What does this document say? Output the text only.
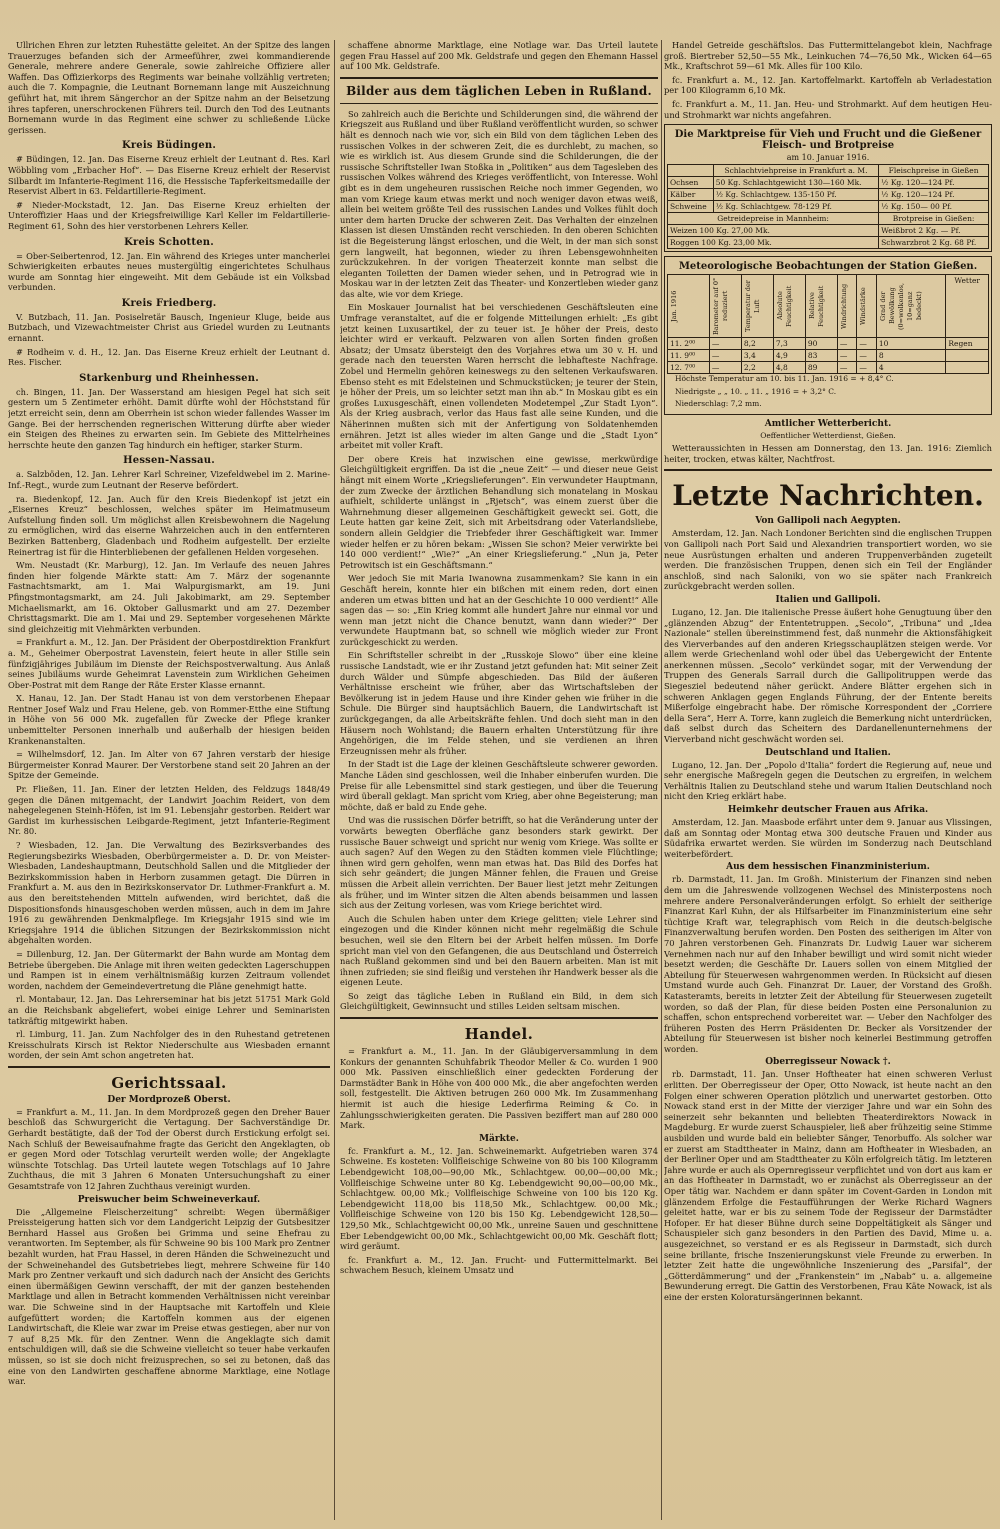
Ullrichen Ehren zur letzten Ruhestätte geleitet. An der Spitze des langen Trauerzuges befanden sich der Armeeführer, zwei kommandierende Generale, mehrere andere Generale, sowie zahlreiche Offiziere aller Waffen. Das Offizierkorps des Regiments war beinahe vollzählig vertreten; auch die 7. Kompagnie, die Leutnant Bornemann lange mit Auszeichnung geführt hat, mit ihrem Sängerchor an der Spitze nahm an der Beisetzung ihres tapferen, unerschrockenen Führers teil. Durch den Tod des Leutnants Bornemann wurde in das Regiment eine schwer zu schließende Lücke gerissen.

Kreis Büdingen.

# Büdingen, 12. Jan. Das Eiserne Kreuz erhielt der Leutnant d. Res. Karl Wöbbling vom „Erbacher Hof“. — Das Eiserne Kreuz erhielt der Reservist Silbardt im Infanterie-Regiment 116, die Hessische Tapferkeitsmedaille der Reservist Albert in 63. Feldartillerie-Regiment.

# Nieder-Mockstadt, 12. Jan. Das Eiserne Kreuz erhielten der Unteroffizier Haas und der Kriegsfreiwillige Karl Keller im Feldartillerie-Regiment 61, Sohn des hier verstorbenen Lehrers Keller.

Kreis Schotten.

= Ober-Seibertenrod, 12. Jan. Ein während des Krieges unter mancherlei Schwierigkeiten erbautes neues mustergültig eingerichtetes Schulhaus wurde am Sonntag hier eingeweiht. Mit dem Gebäude ist ein Volksbad verbunden.

Kreis Friedberg.

V. Butzbach, 11. Jan. Posiselretär Bausch, Ingenieur Kluge, beide aus Butzbach, und Vizewachtmeister Christ aus Griedel wurden zu Leutnants ernannt.

# Rodheim v. d. H., 12. Jan. Das Eiserne Kreuz erhielt der Leutnant d. Res. Fischer.

Starkenburg und Rheinhessen.

ch. Bingen, 11. Jan. Der Wasserstand am hiesigen Pegel hat sich seit gestern um 5 Zentimeter erhöht. Damit dürfte wohl der Höchststand für jetzt erreicht sein, denn am Oberrhein ist schon wieder fallendes Wasser im Gange. Bei der herrschenden regnerischen Witterung dürfte aber wieder ein Steigen des Rheines zu erwarten sein. Im Gebiete des Mittelrheines herrschte heute den ganzen Tag hindurch ein heftiger, starker Sturm.

Hessen-Nassau.

a. Salzböden, 12. Jan. Lehrer Karl Schreiner, Vizefeldwebel im 2. Marine-Inf.-Regt., wurde zum Leutnant der Reserve befördert.

ra. Biedenkopf, 12. Jan. Auch für den Kreis Biedenkopf ist jetzt ein „Eisernes Kreuz“ beschlossen, welches später im Heimatmuseum Aufstellung finden soll. Um möglichst allen Kreisbewohnern die Nagelung zu ermöglichen, wird das eiserne Wahrzeichen auch in den entfernteren Bezirken Battenberg, Gladenbach und Rodheim aufgestellt. Der erzielte Reinertrag ist für die Hinterbliebenen der gefallenen Helden vorgesehen.

Wm. Neustadt (Kr. Marburg), 12. Jan. Im Verlaufe des neuen Jahres finden hier folgende Märkte statt: Am 7. März der sogenannte Fastnachtsmarkt, am 1. Mai Walpurgismarkt, am 19. Juni Pfingstmontagsmarkt, am 24. Juli Jakobimarkt, am 29. September Michaelismarkt, am 16. Oktober Gallusmarkt und am 27. Dezember Christtagsmarkt. Die am 1. Mai und 29. September vorgesehenen Märkte sind gleichzeitig mit Viehmärkten verbunden.

= Frankfurt a. M., 12. Jan. Der Präsident der Oberpostdirektion Frankfurt a. M., Geheimer Oberpostrat Lavenstein, feiert heute in aller Stille sein fünfzigjähriges Jubiläum im Dienste der Reichspostverwaltung. Aus Anlaß seines Jubiläums wurde Geheimrat Lavenstein zum Wirklichen Geheimen Ober-Postrat mit dem Range der Räte Erster Klasse ernannt.

X. Hanau, 12. Jan. Der Stadt Hanau ist von dem verstorbenen Ehepaar Rentner Josef Walz und Frau Helene, geb. von Rommer-Etthe eine Stiftung in Höhe von 56 000 Mk. zugefallen für Zwecke der Pflege kranker unbemittelter Personen innerhalb und außerhalb der hiesigen beiden Krankenanstalten.

= Wilhelmsdorf, 12. Jan. Im Alter von 67 Jahren verstarb der hiesige Bürgermeister Konrad Maurer. Der Verstorbene stand seit 20 Jahren an der Spitze der Gemeinde.

Pr. Fließen, 11. Jan. Einer der letzten Helden, des Feldzugs 1848/49 gegen die Dänen mitgemacht, der Landwirt Joachim Reidert, von dem nahegelegenen Steinh-Höfen, ist im 91. Lebensjahr gestorben. Reidert war Gardist im kurhessischen Leibgarde-Regiment, jetzt Infanterie-Regiment Nr. 80.

? Wiesbaden, 12. Jan. Die Verwaltung des Bezirksverbandes des Regierungsbezirks Wiesbaden, Oberbürgermeister a. D. Dr. von Meister-Wiesbaden, Landeshauptmann, Deutschhold Sallen und die Mitglieder der Bezirkskommission haben in Herborn zusammen getagt. Die Dürren in Frankfurt a. M. aus den in Bezirkskonservator Dr. Luthmer-Frankfurt a. M. aus den bereitstehenden Mitteln aufwenden, wird berichtet, daß die Dispositionsfonds hinausgeschoben werden müssen, auch in dem im Jahre 1916 zu gewährenden Denkmalpflege. Im Kriegsjahr 1915 sind wie im Kriegsjahre 1914 die üblichen Sitzungen der Bezirkskommission nicht abgehalten worden.

= Dillenburg, 12. Jan. Der Gütermarkt der Bahn wurde am Montag dem Betriebe übergeben. Die Anlage mit ihren weiten gedeckten Lagerschuppen und Rampen ist in einem verhältnismäßig kurzen Zeitraum vollendet worden, nachdem der Gemeindevertretung die Pläne genehmigt hatte.

rl. Montabaur, 12. Jan. Das Lehrerseminar hat bis jetzt 51751 Mark Gold an die Reichsbank abgeliefert, wobei einige Lehrer und Seminaristen tatkräftig mitgewirkt haben.

rl. Limburg, 11. Jan. Zum Nachfolger des in den Ruhestand getretenen Kreisschulrats Kirsch ist Rektor Niederschulte aus Wiesbaden ernannt worden, der sein Amt schon angetreten hat.

Gerichtssaal.
Der Mordprozeß Oberst.

= Frankfurt a. M., 11. Jan. In dem Mordprozeß gegen den Dreher Bauer beschloß das Schwurgericht die Vertagung. Der Sachverständige Dr. Gerhardt bestätigte, daß der Tod der Oberst durch Erstickung erfolgt sei. Nach Schluß der Beweisaufnahme fragte das Gericht den Angeklagten, ob er gegen Mord oder Totschlag verurteilt werden wolle; der Angeklagte wünschte Totschlag. Das Urteil lautete wegen Totschlags auf 10 Jahre Zuchthaus, die mit 3 Jahren 6 Monaten Untersuchungshaft zu einer Gesamtstrafe von 12 Jahren Zuchthaus vereinigt wurden.

Preiswucher beim Schweineverkauf.

Die „Allgemeine Fleischerzeitung“ schreibt: Wegen übermäßiger Preissteigerung hatten sich vor dem Landgericht Leipzig der Gutsbesitzer Bernhard Hassel aus Großen bei Grimma und seine Ehefrau zu verantworten. Im September, als für Schweine 90 bis 100 Mark pro Zentner bezahlt wurden, hat Frau Hassel, in deren Händen die Schweinezucht und der Schweinehandel des Gutsbetriebes liegt, mehrere Schweine für 140 Mark pro Zentner verkauft und sich dadurch nach der Ansicht des Gerichts einen übermäßigen Gewinn verschafft, der mit der ganzen bestehenden Marktlage und allen in Betracht kommenden Verhältnissen nicht vereinbar war. Die Schweine sind in der Hauptsache mit Kartoffeln und Kleie aufgefüttert worden; die Kartoffeln kommen aus der eigenen Landwirtschaft, die Kleie war zwar im Preise etwas gestiegen, aber nur von 7 auf 8,25 Mk. für den Zentner. Wenn die Angeklagte sich damit entschuldigen will, daß sie die Schweine vielleicht so teuer habe verkaufen müssen, so ist sie doch nicht freizusprechen, so sei zu betonen, daß das eine von den Landwirten geschaffene abnorme Marktlage, eine Notlage war.

schaffene abnorme Marktlage, eine Notlage war. Das Urteil lautete gegen Frau Hassel auf 200 Mk. Geldstrafe und gegen den Ehemann Hassel auf 100 Mk. Geldstrafe.

Bilder aus dem täglichen Leben in Rußland.

So zahlreich auch die Berichte und Schilderungen sind, die während der Kriegszeit aus Rußland und über Rußland veröffentlicht wurden, so schwer hält es dennoch nach wie vor, sich ein Bild von dem täglichen Leben des russischen Volkes in der schweren Zeit, die es durchlebt, zu machen, so wie es wirklich ist. Aus diesem Grunde sind die Schilderungen, die der russische Schriftsteller Iwan Stoßka in „Politiken“ aus dem Tagesleben des russischen Volkes während des Krieges veröffentlicht, von Interesse. Wohl gibt es in dem ungeheuren russischen Reiche noch immer Gegenden, wo man vom Kriege kaum etwas merkt und noch weniger davon etwas weiß, allein bei weitem größte Teil des russischen Landes und Volkes fühlt doch unter dem harten Drucke der schweren Zeit. Das Verhalten der einzelnen Klassen ist diesen Umständen recht verschieden. In den oberen Schichten ist die Begeisterung längst erloschen, und die Welt, in der man sich sonst gern langweilt, hat begonnen, wieder zu ihren Lebensgewohnheiten zurückzukehren. In der vorigen Theaterzeit konnte man selbst die eleganten Toiletten der Damen wieder sehen, und in Petrograd wie in Moskau war in der letzten Zeit das Theater- und Konzertleben wieder ganz das alte, wie vor dem Kriege.

Ein Moskauer Journalist hat bei verschiedenen Geschäftsleuten eine Umfrage veranstaltet, auf die er folgende Mitteilungen erhielt: „Es gibt jetzt keinen Luxusartikel, der zu teuer ist. Je höher der Preis, desto leichter wird er verkauft. Pelzwaren von allen Sorten finden großen Absatz; der Umsatz übersteigt den des Vorjahres etwa um 30 v. H. und gerade nach den teuersten Waren herrscht die lebhafteste Nachfrage. Zobel und Hermelin gehören keineswegs zu den seltenen Verkaufswaren. Ebenso steht es mit Edelsteinen und Schmuckstücken; je teurer der Stein, je höher der Preis, um so leichter setzt man ihn ab.“ In Moskau gibt es ein großes Luxusgeschäft, einen vollendeten Modetempel „Zur Stadt Lyon“. Als der Krieg ausbrach, verlor das Haus fast alle seine Kunden, und die Näherinnen mußten sich mit der Anfertigung von Soldatenhemden ernähren. Jetzt ist alles wieder im alten Gange und die „Stadt Lyon“ arbeitet mit voller Kraft.

Der obere Kreis hat inzwischen eine gewisse, merkwürdige Gleichgültigkeit ergriffen. Da ist die „neue Zeit“ — und dieser neue Geist hängt mit einem Worte „Kriegslieferungen“. Ein verwundeter Hauptmann, der zum Zwecke der ärztlichen Behandlung sich monatelang in Moskau aufhielt, schilderte unlängst in „Rjetsch“, was einem zuerst über die Wahrnehmung dieser allgemeinen Geschäftigkeit geweckt sei. Gott, die Leute hatten gar keine Zeit, sich mit Arbeitsdrang oder Vaterlandsliebe, sondern allein Geldgier die Triebfeder ihrer Geschäftigkeit war. Immer wieder helfen er zu hören bekam: „Wissen Sie schon? Meier verwirkte bei 140 000 verdient!“ „Wie?“ „An einer Kriegslieferung.“ „Nun ja, Peter Petrowitsch ist ein Geschäftsmann.“

Wer jedoch Sie mit Maria Iwanowna zusammenkam? Sie kann in ein Geschäft herein, konnte hier ein bißchen mit einem reden, dort einen anderen um etwas bitten und hat an der Geschichte 10 000 verdient!“ Alle sagen das — so: „Ein Krieg kommt alle hundert Jahre nur einmal vor und wenn man jetzt nicht die Chance benutzt, wann dann wieder?“ Der verwundete Hauptmann bat, so schnell wie möglich wieder zur Front zurückgeschickt zu werden.

Ein Schriftsteller schreibt in der „Russkoje Slowo“ über eine kleine russische Landstadt, wie er ihr Zustand jetzt gefunden hat: Mit seiner Zeit durch Wälder und Sümpfe abgeschieden. Das Bild der äußeren Verhältnisse erscheint wie früher, aber das Wirtschaftsleben der Bevölkerung ist in jedem Hause und ihre Kinder gehen wie früher in die Schule. Die Bürger sind hauptsächlich Bauern, die Landwirtschaft ist zurückgegangen, da alle Arbeitskräfte fehlen. Und doch sieht man in den Häusern noch Wohlstand; die Bauern erhalten Unterstützung für ihre Angehörigen, die im Felde stehen, und sie verdienen an ihren Erzeugnissen mehr als früher.

In der Stadt ist die Lage der kleinen Geschäftsleute schwerer geworden. Manche Läden sind geschlossen, weil die Inhaber einberufen wurden. Die Preise für alle Lebensmittel sind stark gestiegen, und über die Teuerung wird überall geklagt. Man spricht vom Krieg, aber ohne Begeisterung; man möchte, daß er bald zu Ende gehe.

Und was die russischen Dörfer betrifft, so hat die Veränderung unter der vorwärts bewegten Oberfläche ganz besonders stark gewirkt. Der russische Bauer schweigt und spricht nur wenig vom Kriege. Was sollte er auch sagen? Auf den Wegen zu den Städten kommen viele Flüchtlinge; ihnen wird gern geholfen, wenn man etwas hat. Das Bild des Dorfes hat sich sehr geändert; die jungen Männer fehlen, die Frauen und Greise müssen die Arbeit allein verrichten. Der Bauer liest jetzt mehr Zeitungen als früher, und im Winter sitzen die Alten abends beisammen und lassen sich aus der Zeitung vorlesen, was vom Kriege berichtet wird.

Auch die Schulen haben unter dem Kriege gelitten; viele Lehrer sind eingezogen und die Kinder können nicht mehr regelmäßig die Schule besuchen, weil sie den Eltern bei der Arbeit helfen müssen. Im Dorfe spricht man viel von den Gefangenen, die aus Deutschland und Österreich nach Rußland gekommen sind und bei den Bauern arbeiten. Man ist mit ihnen zufrieden; sie sind fleißig und verstehen ihr Handwerk besser als die eigenen Leute.

So zeigt das tägliche Leben in Rußland ein Bild, in dem sich Gleichgültigkeit, Gewinnsucht und stilles Leiden seltsam mischen.

Handel.

= Frankfurt a. M., 11. Jan. In der Gläubigerversammlung in dem Konkurs der genannten Schuhfabrik Theodor Meller & Co. wurden 1 900 000 Mk. Passiven einschließlich einer gedeckten Forderung der Darmstädter Bank in Höhe von 400 000 Mk., die aber angefochten werden soll, festgestellt. Die Aktiven betrugen 260 000 Mk. Im Zusammenhang hiermit ist auch die hiesige Lederfirma Reiming & Co. in Zahlungsschwierigkeiten geraten. Die Passiven beziffert man auf 280 000 Mark.

Märkte.

fc. Frankfurt a. M., 12. Jan. Schweinemarkt. Aufgetrieben waren 374 Schweine. Es kosteten: Vollfleischige Schweine von 80 bis 100 Kilogramm Lebendgewicht 108,00—90,00 Mk., Schlachtgew. 00,00—00,00 Mk.; Vollfleischige Schweine unter 80 Kg. Lebendgewicht 90,00—00,00 Mk., Schlachtgew. 00,00 Mk.; Vollfleischige Schweine von 100 bis 120 Kg. Lebendgewicht 118,00 bis 118,50 Mk., Schlachtgew. 00,00 Mk.; Vollfleischige Schweine von 120 bis 150 Kg. Lebendgewicht 128,50—129,50 Mk., Schlachtgewicht 00,00 Mk., unreine Sauen und geschnittene Eber Lebendgewicht 00,00 Mk., Schlachtgewicht 00,00 Mk. Geschäft flott; wird geräumt.

fc. Frankfurt a. M., 12. Jan. Frucht- und Futtermittelmarkt. Bei schwachem Besuch, kleinem Umsatz und

Handel Getreide geschäftslos. Das Futtermittelangebot klein, Nachfrage groß. Biertreber 52,50—55 Mk., Leinkuchen 74—76,50 Mk., Wicken 64—65 Mk., Kraftschrot 59—61 Mk. Alles für 100 Kilo.

fc. Frankfurt a. M., 12. Jan. Kartoffelmarkt. Kartoffeln ab Verladestation per 100 Kilogramm 6,10 Mk.

fc. Frankfurt a. M., 11. Jan. Heu- und Strohmarkt. Auf dem heutigen Heu- und Strohmarkt war nichts angefahren.

Die Marktpreise für Vieh und Frucht und die Gießener Fleisch- und Brotpreise
am 10. Januar 1916.
	Schlachtviehpreise in Frankfurt a. M.	Fleischpreise in Gießen
Ochsen	50 Kg. Schlachtgewicht 130—160 Mk.	½ Kg. 120—124 Pf.
Kälber	½ Kg. Schlachtgew. 135-150 Pf.	½ Kg. 120—124 Pf.
Schweine	½ Kg. Schlachtgew. 78-129 Pf.	½ Kg. 150— 00 Pf.
Getreidepreise in Mannheim:		Brotpreise in Gießen:
Weizen 100 Kg. 27,00 Mk.		Weißbrot 2 Kg. — Pf.
Roggen 100 Kg. 23,00 Mk.		Schwarzbrot 2 Kg. 68 Pf.
Meteorologische Beobachtungen der Station Gießen.
Jan. 1916	Barometer auf 0° reduziert	Temperatur der Luft	Absolute Feuchtigkeit	Relative Feuchtigkeit	Windrichtung	Windstärke	Grad der Bewölkung (0=wolkenlos, 10=ganz bedeckt)	Wetter
11. 2⁰⁰	—	8,2	7,3	90	—	—	10	Regen
11. 9⁰⁰	—	3,4	4,9	83	—	—	8	
12. 7⁰⁰	—	2,2	4,8	89	—	—	4	

Höchste Temperatur am 10. bis 11. Jan. 1916 = + 8,4° C.

Niedrigste „ „ 10. „ 11. „ 1916 = + 3,2° C.

Niederschlag: 7,2 mm.

Amtlicher Wetterbericht.

Oeffentlicher Wetterdienst, Gießen.

Wetteraussichten in Hessen am Donnerstag, den 13. Jan. 1916: Ziemlich heiter, trocken, etwas kälter, Nachtfrost.

Letzte Nachrichten.
Von Gallipoli nach Aegypten.

Amsterdam, 12. Jan. Nach Londoner Berichten sind die englischen Truppen von Gallipoli nach Port Said und Alexandrien transportiert worden, wo sie neue Ausrüstungen erhalten und anderen Truppenverbänden zugeteilt werden. Die französischen Truppen, denen sich ein Teil der Engländer anschloß, sind nach Saloniki, von wo sie später nach Frankreich zurückgebracht werden sollen.

Italien und Gallipoli.

Lugano, 12. Jan. Die italienische Presse äußert hohe Genugtuung über den „glänzenden Abzug“ der Ententetruppen. „Secolo“, „Tribuna“ und „Idea Nazionale“ stellen übereinstimmend fest, daß nunmehr die Aktionsfähigkeit des Vierverbandes auf den anderen Kriegsschauplätzen steigen werde. Vor allem werde Griechenland wohl oder übel das Uebergewicht der Entente anerkennen müssen. „Secolo“ verkündet sogar, mit der Verwendung der Truppen des Generals Sarrail durch die Gallipolitruppen werde das Siegesziel bedeutend näher gerückt. Andere Blätter ergehen sich in schweren Anklagen gegen Englands Führung, der der Entente bereits Mißerfolge eingebracht habe. Der römische Korrespondent der „Corriere della Sera“, Herr A. Torre, kann zugleich die Bemerkung nicht unterdrücken, daß selbst durch das Scheitern des Dardanellenunternehmens der Vierverband nicht geschwächt worden sei.

Deutschland und Italien.

Lugano, 12. Jan. Der „Popolo d'Italia“ fordert die Regierung auf, neue und sehr energische Maßregeln gegen die Deutschen zu ergreifen, in welchem Verhältnis Italien zu Deutschland stehe und warum Italien Deutschland noch nicht den Krieg erklärt habe.

Heimkehr deutscher Frauen aus Afrika.

Amsterdam, 12. Jan. Maasbode erfährt unter dem 9. Januar aus Vlissingen, daß am Sonntag oder Montag etwa 300 deutsche Frauen und Kinder aus Südafrika erwartet werden. Sie würden im Sonderzug nach Deutschland weiterbefördert.

Aus dem hessischen Finanzministerium.

rb. Darmstadt, 11. Jan. Im Großh. Ministerium der Finanzen sind neben dem um die Jahreswende vollzogenen Wechsel des Ministerpostens noch mehrere andere Personalveränderungen erfolgt. So erhielt der seitherige Finanzrat Karl Kuhn, der als Hilfsarbeiter im Finanzministerium eine sehr tüchtige Kraft war, telegraphisch vom Reich in die deutsch-belgische Finanzverwaltung berufen worden. Den Posten des seitherigen im Alter von 70 Jahren verstorbenen Geh. Finanzrats Dr. Ludwig Lauer war sicherem Vernehmen nach nur auf den Inhaber bewilligt und wird somit nicht wieder besetzt werden; die Geschäfte Dr. Lauers sollen von einem Mitglied der Abteilung für Steuerwesen wahrgenommen werden. In Rücksicht auf diesen Umstand wurde auch Geh. Finanzrat Dr. Lauer, der Vorstand des Großh. Katasteramts, bereits in letzter Zeit der Abteilung für Steuerwesen zugeteilt worden, so daß der Plan, für diese beiden Posten eine Personalunion zu schaffen, schon entsprechend vorbereitet war. — Ueber den Nachfolger des früheren Posten des Herrn Präsidenten Dr. Becker als Vorsitzender der Abteilung für Steuerwesen ist bisher noch keinerlei Bestimmung getroffen worden.

Oberregisseur Nowack †.

rb. Darmstadt, 11. Jan. Unser Hoftheater hat einen schweren Verlust erlitten. Der Oberregisseur der Oper, Otto Nowack, ist heute nacht an den Folgen einer schweren Operation plötzlich und unerwartet gestorben. Otto Nowack stand erst in der Mitte der vierziger Jahre und war ein Sohn des seinerzeit sehr bekannten und beliebten Theaterdirektors Nowack in Magdeburg. Er wurde zuerst Schauspieler, ließ aber frühzeitig seine Stimme ausbilden und wurde bald ein beliebter Sänger, Tenorbuffo. Als solcher war er zuerst am Stadttheater in Mainz, dann am Hoftheater in Wiesbaden, an der Berliner Oper und am Stadttheater zu Köln erfolgreich tätig. Im letzteren Jahre wurde er auch als Opernregisseur verpflichtet und von dort aus kam er an das Hoftheater in Darmstadt, wo er zunächst als Oberregisseur an der Oper tätig war. Nachdem er dann später im Covent-Garden in London mit glänzendem Erfolge die Festaufführungen der Werke Richard Wagners geleitet hatte, war er bis zu seinem Tode der Regisseur der Darmstädter Hofoper. Er hat dieser Bühne durch seine Doppeltätigkeit als Sänger und Schauspieler sich ganz besonders in den Partien des David, Mime u. a. ausgezeichnet, so verstand er es als Regisseur in Darmstadt, sich durch seine brillante, frische Inszenierungskunst viele Freunde zu erwerben. In letzter Zeit hatte die ungewöhnliche Inszenierung des „Parsifal“, der „Götterdämmerung“ und der „Frankenstein“ im „Nabab“ u. a. allgemeine Bewunderung erregt. Die Gattin des Verstorbenen, Frau Käte Nowack, ist als eine der ersten Koloratursängerinnen bekannt.
